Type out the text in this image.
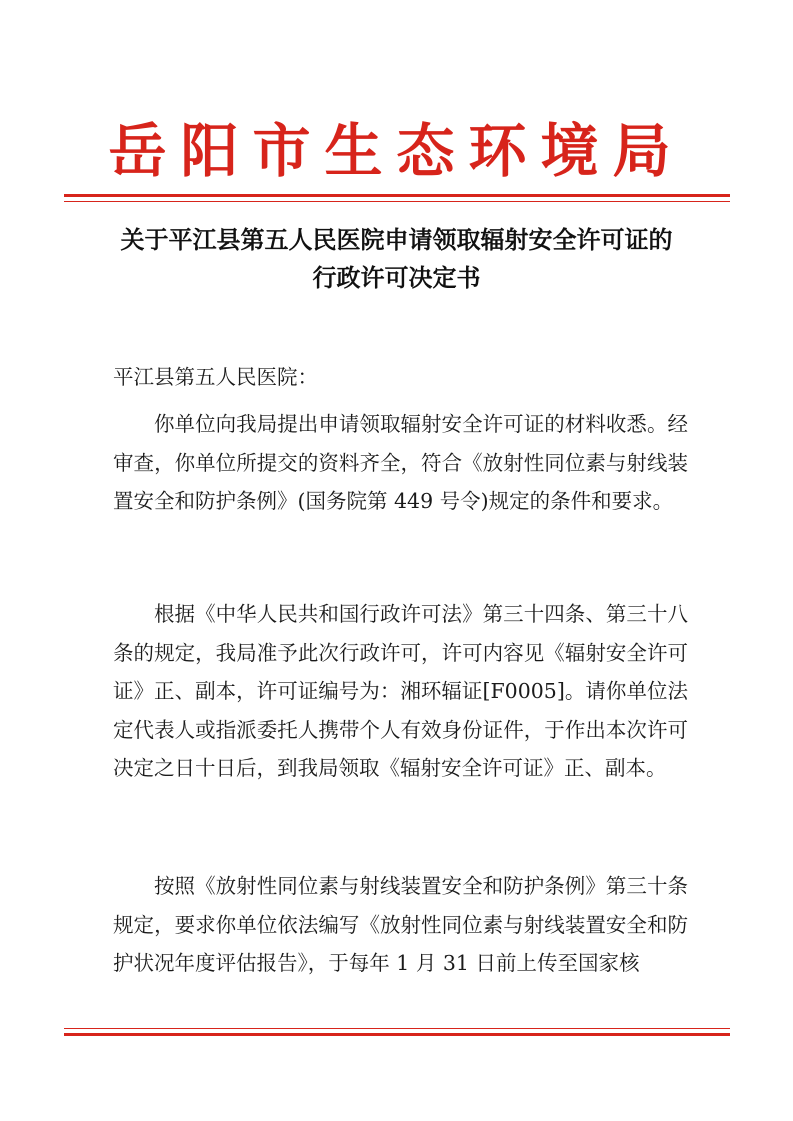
岳阳市生态环境局
关于平江县第五人民医院申请领取辐射安全许可证的
行政许可决定书
平江县第五人民医院：

你单位向我局提出申请领取辐射安全许可证的材料收悉。经审查，你单位所提交的资料齐全，符合《放射性同位素与射线装置安全和防护条例》(国务院第 449 号令)规定的条件和要求。

根据《中华人民共和国行政许可法》第三十四条、第三十八条的规定，我局准予此次行政许可，许可内容见《辐射安全许可证》正、副本，许可证编号为：湘环辐证[F0005]。请你单位法定代表人或指派委托人携带个人有效身份证件，于作出本次许可决定之日十日后，到我局领取《辐射安全许可证》正、副本。

按照《放射性同位素与射线装置安全和防护条例》第三十条规定，要求你单位依法编写《放射性同位素与射线装置安全和防护状况年度评估报告》，于每年 1 月 31 日前上传至国家核
